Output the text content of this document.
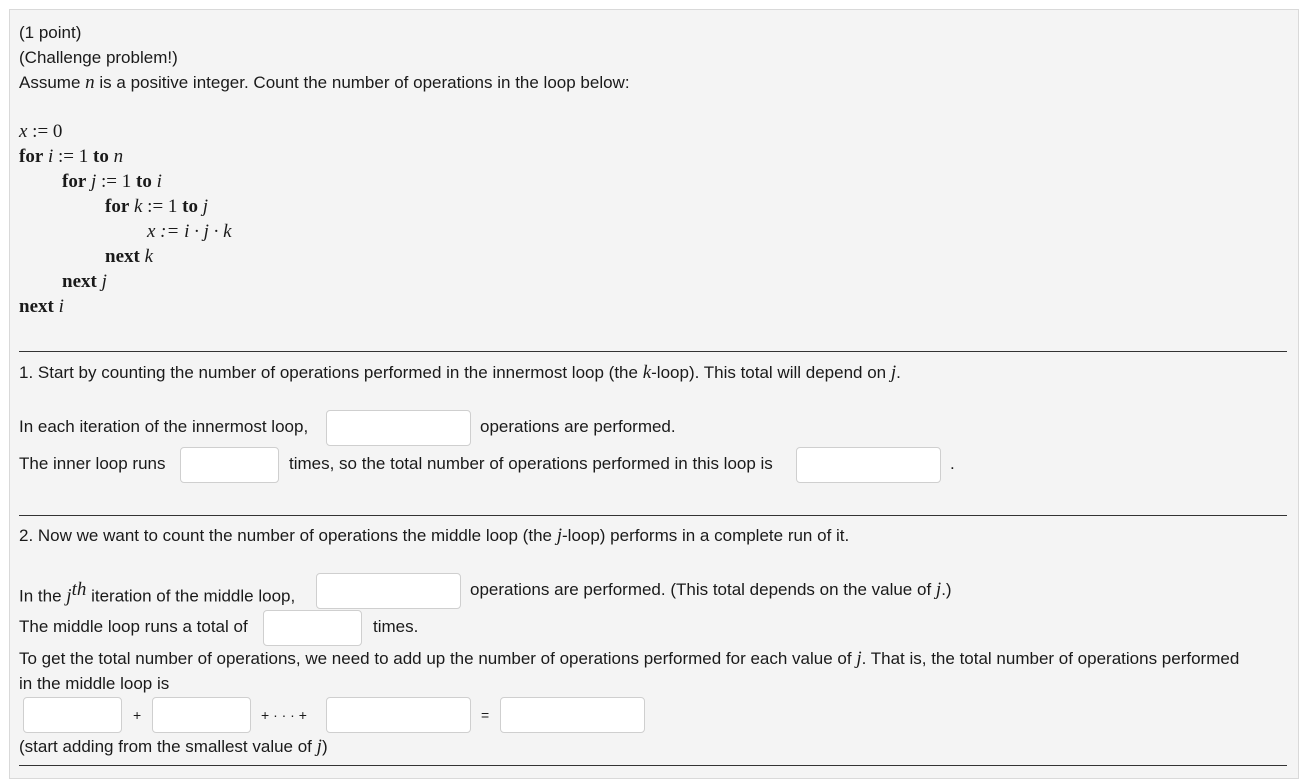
(1 point)
(Challenge problem!)
Assume n is a positive integer. Count the number of operations in the loop below:
x := 0
for i := 1 to n
for j := 1 to i
for k := 1 to j
x := i · j · k
next k
next j
next i
1. Start by counting the number of operations performed in the innermost loop (the k-loop). This total will depend on j.
In each iteration of the innermost loop,	operations are performed.
The inner loop runs	times, so the total number of operations performed in this loop is	.
2. Now we want to count the number of operations the middle loop (the j-loop) performs in a complete run of it.
In the $j^{th}$ iteration of the middle loop,	operations are performed. (This total depends on the value of j.)
The middle loop runs a total of	times.
To get the total number of operations, we need to add up the number of operations performed for each value of j. That is, the total number of operations performed
in the middle loop is
+	+ · · · +	=
(start adding from the smallest value of j)
